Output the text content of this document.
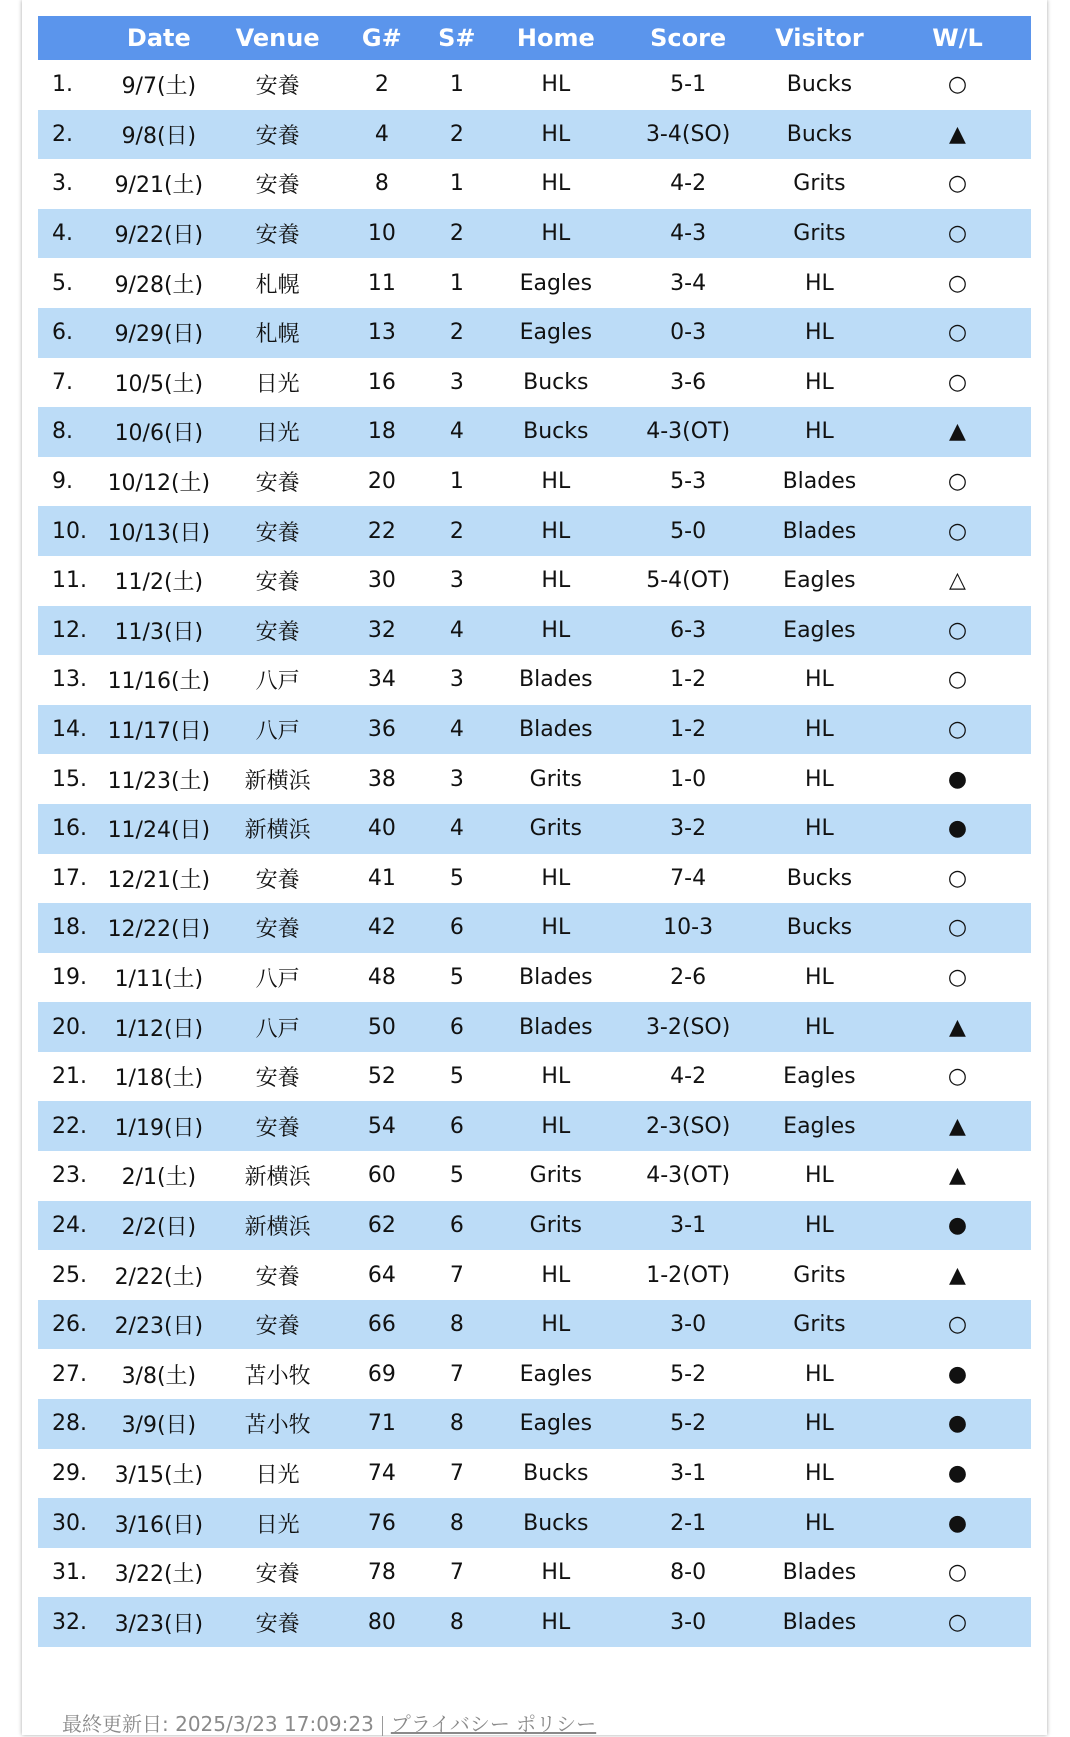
	Date	Venue	G#	S#	Home	Score	Visitor	W/L
1.	9/7(土)	安養	2	1	HL	5-1	Bucks	○
2.	9/8(日)	安養	4	2	HL	3-4(SO)	Bucks	▲
3.	9/21(土)	安養	8	1	HL	4-2	Grits	○
4.	9/22(日)	安養	10	2	HL	4-3	Grits	○
5.	9/28(土)	札幌	11	1	Eagles	3-4	HL	○
6.	9/29(日)	札幌	13	2	Eagles	0-3	HL	○
7.	10/5(土)	日光	16	3	Bucks	3-6	HL	○
8.	10/6(日)	日光	18	4	Bucks	4-3(OT)	HL	▲
9.	10/12(土)	安養	20	1	HL	5-3	Blades	○
10.	10/13(日)	安養	22	2	HL	5-0	Blades	○
11.	11/2(土)	安養	30	3	HL	5-4(OT)	Eagles	△
12.	11/3(日)	安養	32	4	HL	6-3	Eagles	○
13.	11/16(土)	八戸	34	3	Blades	1-2	HL	○
14.	11/17(日)	八戸	36	4	Blades	1-2	HL	○
15.	11/23(土)	新横浜	38	3	Grits	1-0	HL	●
16.	11/24(日)	新横浜	40	4	Grits	3-2	HL	●
17.	12/21(土)	安養	41	5	HL	7-4	Bucks	○
18.	12/22(日)	安養	42	6	HL	10-3	Bucks	○
19.	1/11(土)	八戸	48	5	Blades	2-6	HL	○
20.	1/12(日)	八戸	50	6	Blades	3-2(SO)	HL	▲
21.	1/18(土)	安養	52	5	HL	4-2	Eagles	○
22.	1/19(日)	安養	54	6	HL	2-3(SO)	Eagles	▲
23.	2/1(土)	新横浜	60	5	Grits	4-3(OT)	HL	▲
24.	2/2(日)	新横浜	62	6	Grits	3-1	HL	●
25.	2/22(土)	安養	64	7	HL	1-2(OT)	Grits	▲
26.	2/23(日)	安養	66	8	HL	3-0	Grits	○
27.	3/8(土)	苫小牧	69	7	Eagles	5-2	HL	●
28.	3/9(日)	苫小牧	71	8	Eagles	5-2	HL	●
29.	3/15(土)	日光	74	7	Bucks	3-1	HL	●
30.	3/16(日)	日光	76	8	Bucks	2-1	HL	●
31.	3/22(土)	安養	78	7	HL	8-0	Blades	○
32.	3/23(日)	安養	80	8	HL	3-0	Blades	○
最終更新日: 2025/3/23 17:09:23 プライバシー ポリシー
